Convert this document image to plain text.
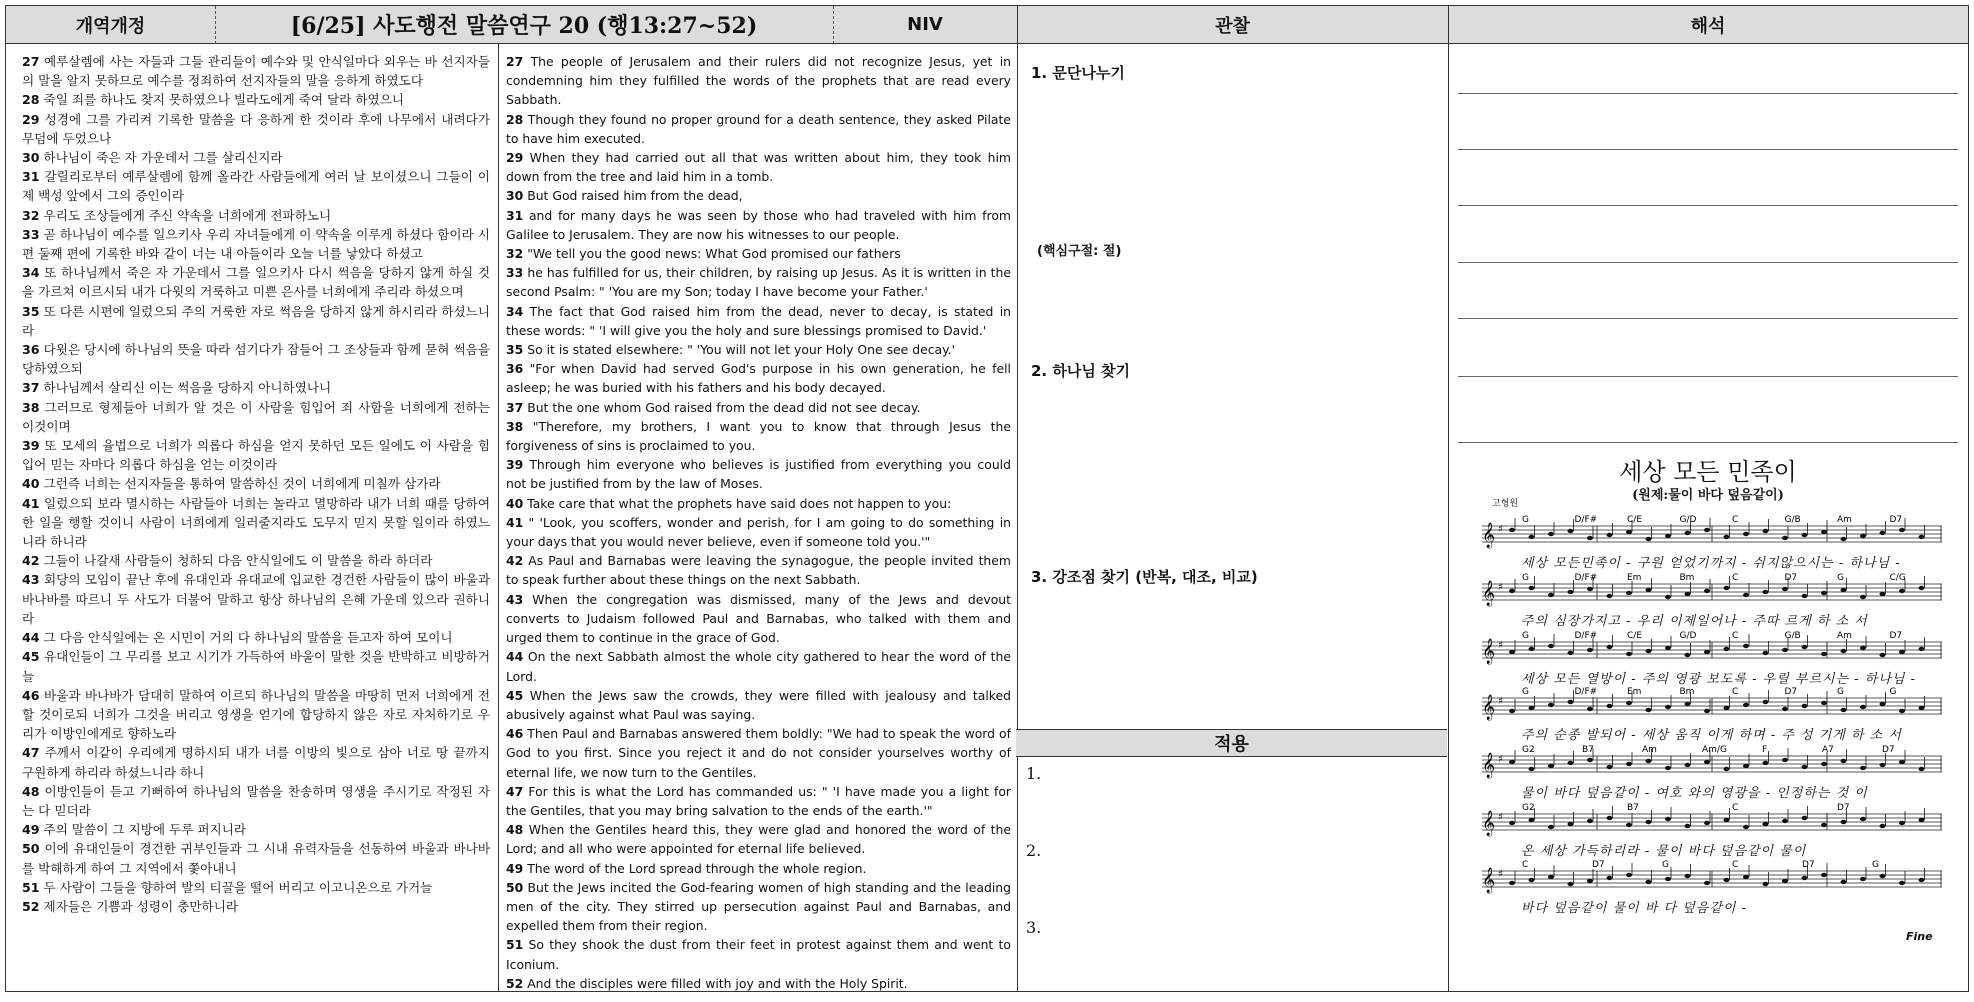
개역개정	[6/25] 사도행전 말씀연구 20 (행13:27~52)	NIV	관찰	해석

27 예루살렘에 사는 자들과 그들 관리들이 예수와 및 안식일마다 외우는 바 선지자들의 말을 알지 못하므로 예수를 정죄하여 선지자들의 말을 응하게 하였도다

28 죽일 죄를 하나도 찾지 못하였으나 빌라도에게 죽여 달라 하였으니

29 성경에 그를 가리켜 기록한 말씀을 다 응하게 한 것이라 후에 나무에서 내려다가 무덤에 두었으나

30 하나님이 죽은 자 가운데서 그를 살리신지라

31 갈릴리로부터 예루살렘에 함께 올라간 사람들에게 여러 날 보이셨으니 그들이 이제 백성 앞에서 그의 증인이라

32 우리도 조상들에게 주신 약속을 너희에게 전파하노니

33 곧 하나님이 예수를 일으키사 우리 자녀들에게 이 약속을 이루게 하셨다 함이라 시편 둘째 편에 기록한 바와 같이 너는 내 아들이라 오늘 너를 낳았다 하셨고

34 또 하나님께서 죽은 자 가운데서 그를 일으키사 다시 썩음을 당하지 않게 하실 것을 가르쳐 이르시되 내가 다윗의 거룩하고 미쁜 은사를 너희에게 주리라 하셨으며

35 또 다른 시편에 일렀으되 주의 거룩한 자로 썩음을 당하지 않게 하시리라 하셨느니라

36 다윗은 당시에 하나님의 뜻을 따라 섬기다가 잠들어 그 조상들과 함께 묻혀 썩음을 당하였으되

37 하나님께서 살리신 이는 썩음을 당하지 아니하였나니

38 그러므로 형제들아 너희가 알 것은 이 사람을 힘입어 죄 사함을 너희에게 전하는 이것이며

39 또 모세의 율법으로 너희가 의롭다 하심을 얻지 못하던 모든 일에도 이 사람을 힘입어 믿는 자마다 의롭다 하심을 얻는 이것이라

40 그런즉 너희는 선지자들을 통하여 말씀하신 것이 너희에게 미칠까 삼가라

41 일렀으되 보라 멸시하는 사람들아 너희는 놀라고 멸망하라 내가 너희 때를 당하여 한 일을 행할 것이니 사람이 너희에게 일러줄지라도 도무지 믿지 못할 일이라 하였느니라 하니라

42 그들이 나갈새 사람들이 청하되 다음 안식일에도 이 말씀을 하라 하더라

43 회당의 모임이 끝난 후에 유대인과 유대교에 입교한 경건한 사람들이 많이 바울과 바나바를 따르니 두 사도가 더불어 말하고 항상 하나님의 은혜 가운데 있으라 권하니라

44 그 다음 안식일에는 온 시민이 거의 다 하나님의 말씀을 듣고자 하여 모이니

45 유대인들이 그 무리를 보고 시기가 가득하여 바울이 말한 것을 반박하고 비방하거늘

46 바울과 바나바가 담대히 말하여 이르되 하나님의 말씀을 마땅히 먼저 너희에게 전할 것이로되 너희가 그것을 버리고 영생을 얻기에 합당하지 않은 자로 자처하기로 우리가 이방인에게로 향하노라

47 주께서 이같이 우리에게 명하시되 내가 너를 이방의 빛으로 삼아 너로 땅 끝까지 구원하게 하리라 하셨느니라 하니

48 이방인들이 듣고 기뻐하여 하나님의 말씀을 찬송하며 영생을 주시기로 작정된 자는 다 믿더라

49 주의 말씀이 그 지방에 두루 퍼지니라

50 이에 유대인들이 경건한 귀부인들과 그 시내 유력자들을 선동하여 바울과 바나바를 박해하게 하여 그 지역에서 쫓아내니

51 두 사람이 그들을 향하여 발의 티끌을 떨어 버리고 이고니온으로 가거늘

52 제자들은 기쁨과 성령이 충만하니라

27 The people of Jerusalem and their rulers did not recognize Jesus, yet in condemning him they fulfilled the words of the prophets that are read every Sabbath.

28 Though they found no proper ground for a death sentence, they asked Pilate to have him executed.

29 When they had carried out all that was written about him, they took him down from the tree and laid him in a tomb.

30 But God raised him from the dead,

31 and for many days he was seen by those who had traveled with him from Galilee to Jerusalem. They are now his witnesses to our people.

32 "We tell you the good news: What God promised our fathers

33 he has fulfilled for us, their children, by raising up Jesus. As it is written in the second Psalm: " 'You are my Son; today I have become your Father.'

34 The fact that God raised him from the dead, never to decay, is stated in these words: " 'I will give you the holy and sure blessings promised to David.'

35 So it is stated elsewhere: " 'You will not let your Holy One see decay.'

36 "For when David had served God's purpose in his own generation, he fell asleep; he was buried with his fathers and his body decayed.

37 But the one whom God raised from the dead did not see decay.

38 "Therefore, my brothers, I want you to know that through Jesus the forgiveness of sins is proclaimed to you.

39 Through him everyone who believes is justified from everything you could not be justified from by the law of Moses.

40 Take care that what the prophets have said does not happen to you:

41 " 'Look, you scoffers, wonder and perish, for I am going to do something in your days that you would never believe, even if someone told you.'"

42 As Paul and Barnabas were leaving the synagogue, the people invited them to speak further about these things on the next Sabbath.

43 When the congregation was dismissed, many of the Jews and devout converts to Judaism followed Paul and Barnabas, who talked with them and urged them to continue in the grace of God.

44 On the next Sabbath almost the whole city gathered to hear the word of the Lord.

45 When the Jews saw the crowds, they were filled with jealousy and talked abusively against what Paul was saying.

46 Then Paul and Barnabas answered them boldly: "We had to speak the word of God to you first. Since you reject it and do not consider yourselves worthy of eternal life, we now turn to the Gentiles.

47 For this is what the Lord has commanded us: " 'I have made you a light for the Gentiles, that you may bring salvation to the ends of the earth.'"

48 When the Gentiles heard this, they were glad and honored the word of the Lord; and all who were appointed for eternal life believed.

49 The word of the Lord spread through the whole region.

50 But the Jews incited the God-fearing women of high standing and the leading men of the city. They stirred up persecution against Paul and Barnabas, and expelled them from their region.

51 So they shook the dust from their feet in protest against them and went to Iconium.

52 And the disciples were filled with joy and with the Holy Spirit.

1. 문단나누기
(핵심구절: 절)
2. 하나님 찾기
3. 강조점 찾기 (반복, 대조, 비교)
적용
1.
2.
3.
세상 모든 민족이
(원제:물이 바다 덮음같이)
고형원
𝄞 ♯
G	D/F#	C/E	G/D	C	G/B	Am	D7
𝄞 ♯
G	D/F#	Em	Bm	C	D7	G	C/G
𝄞 ♯
G	D/F#	C/E	G/D	C	G/B	Am	D7
𝄞 ♯
G	D/F#	Em	Bm	C	D7	G	G
𝄞 ♯
G2	B7	Am	Am/G	F	A7	D7
𝄞 ♯
G2	B7	C	D7
𝄞 ♯
C	D7	G	C	D7	G
Fine
세상 모든민족이 - 구원 얻었기까지 - 쉬지않으시는 - 하나님 -
주의 심장가지고 - 우리 이제일어나 - 주따 르게 하 소 서
세상 모든 열방이 - 주의 영광 보도록 - 우릴 부르시는 - 하나님 -
주의 순종 발되어 - 세상 움직 이게 하며 - 주 성 기게 하 소 서
물이 바다 덮음같이 - 여호 와의 영광을 - 인정하는 것 이
온 세상 가득하리라 - 물이 바다 덮음같이 물이
바다 덮음같이 물이 바 다 덮음같이 -
